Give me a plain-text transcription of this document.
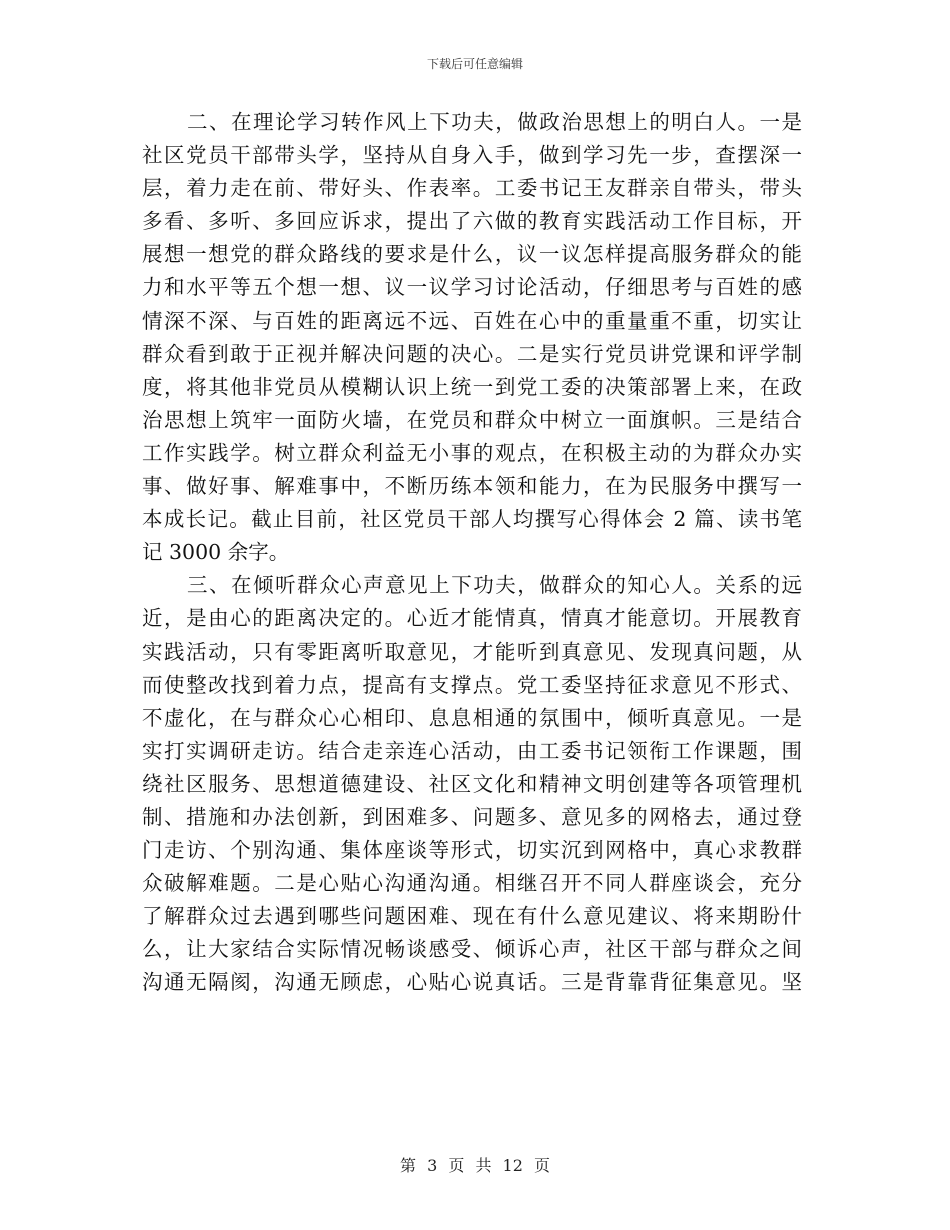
下载后可任意编辑
二、在理论学习转作风上下功夫，做政治思想上的明白人。一是
社区党员干部带头学，坚持从自身入手，做到学习先一步，查摆深一
层，着力走在前、带好头、作表率。工委书记王友群亲自带头，带头
多看、多听、多回应诉求，提出了六做的教育实践活动工作目标，开
展想一想党的群众路线的要求是什么，议一议怎样提高服务群众的能
力和水平等五个想一想、议一议学习讨论活动，仔细思考与百姓的感
情深不深、与百姓的距离远不远、百姓在心中的重量重不重，切实让
群众看到敢于正视并解决问题的决心。二是实行党员讲党课和评学制
度，将其他非党员从模糊认识上统一到党工委的决策部署上来，在政
治思想上筑牢一面防火墙，在党员和群众中树立一面旗帜。三是结合
工作实践学。树立群众利益无小事的观点，在积极主动的为群众办实
事、做好事、解难事中，不断历练本领和能力，在为民服务中撰写一
本成长记。截止目前，社区党员干部人均撰写心得体会 2 篇、读书笔
记 3000 余字。
三、在倾听群众心声意见上下功夫，做群众的知心人。关系的远
近，是由心的距离决定的。心近才能情真，情真才能意切。开展教育
实践活动，只有零距离听取意见，才能听到真意见、发现真问题，从
而使整改找到着力点，提高有支撑点。党工委坚持征求意见不形式、
不虚化，在与群众心心相印、息息相通的氛围中，倾听真意见。一是
实打实调研走访。结合走亲连心活动，由工委书记领衔工作课题，围
绕社区服务、思想道德建设、社区文化和精神文明创建等各项管理机
制、措施和办法创新，到困难多、问题多、意见多的网格去，通过登
门走访、个别沟通、集体座谈等形式，切实沉到网格中，真心求教群
众破解难题。二是心贴心沟通沟通。相继召开不同人群座谈会，充分
了解群众过去遇到哪些问题困难、现在有什么意见建议、将来期盼什
么，让大家结合实际情况畅谈感受、倾诉心声，社区干部与群众之间
沟通无隔阂，沟通无顾虑，心贴心说真话。三是背靠背征集意见。坚
第 3 页 共 12 页
